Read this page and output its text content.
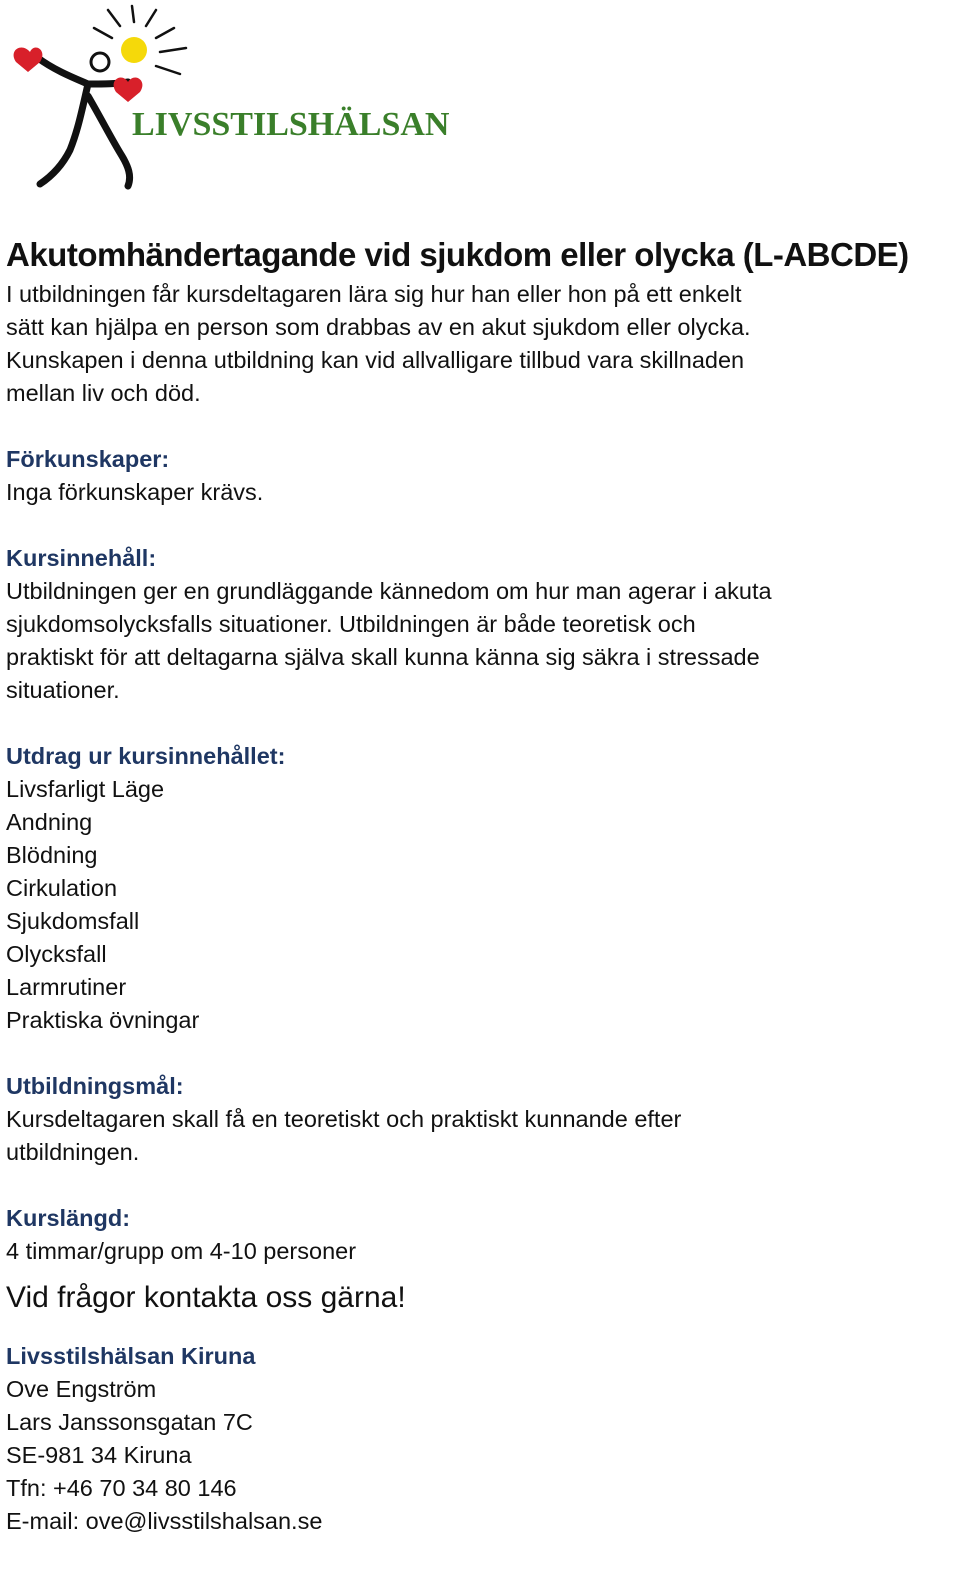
LIVSSTILSHÄLSAN
Akutomhändertagande vid sjukdom eller olycka (L-ABCDE)

I utbildningen får kursdeltagaren lära sig hur han eller hon på ett enkelt

sätt kan hjälpa en person som drabbas av en akut sjukdom eller olycka.

Kunskapen i denna utbildning kan vid allvalligare tillbud vara skillnaden

mellan liv och död.

Förkunskaper:

Inga förkunskaper krävs.

Kursinnehåll:

Utbildningen ger en grundläggande kännedom om hur man agerar i akuta

sjukdomsolycksfalls situationer. Utbildningen är både teoretisk och

praktiskt för att deltagarna själva skall kunna känna sig säkra i stressade

situationer.

Utdrag ur kursinnehållet:

Livsfarligt Läge

Andning

Blödning

Cirkulation

Sjukdomsfall

Olycksfall

Larmrutiner

Praktiska övningar

Utbildningsmål:

Kursdeltagaren skall få en teoretiskt och praktiskt kunnande efter

utbildningen.

Kurslängd:

4 timmar/grupp om 4-10 personer

Vid frågor kontakta oss gärna!

Livsstilshälsan Kiruna

Ove Engström

Lars Janssonsgatan 7C

SE-981 34 Kiruna

Tfn: +46 70 34 80 146

E-mail: ove@livsstilshalsan.se
